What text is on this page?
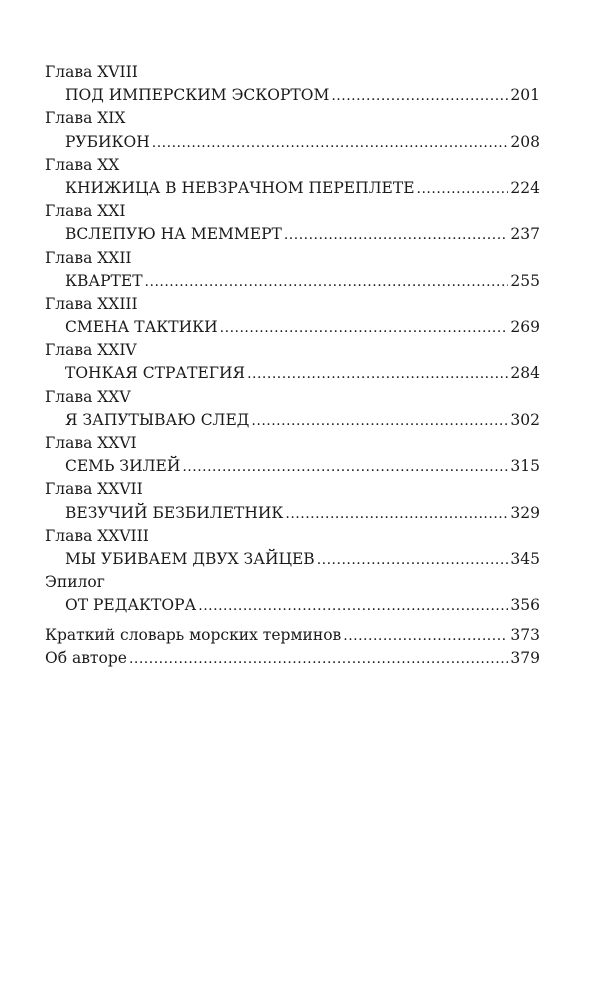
Глава XVIII
ПОД ИМПЕРСКИМ ЭСКОРТОМ .....	201
Глава XIX
РУБИКОН .....	208
Глава XX
КНИЖИЦА В НЕВЗРАЧНОМ ПЕРЕПЛЕТЕ .....	224
Глава XXI
ВСЛЕПУЮ НА МЕММЕРТ .....	237
Глава XXII
КВАРТЕТ .....	255
Глава XXIII
СМЕНА ТАКТИКИ .....	269
Глава XXIV
ТОНКАЯ СТРАТЕГИЯ .....	284
Глава XXV
Я ЗАПУТЫВАЮ СЛЕД .....	302
Глава XXVI
СЕМЬ ЗИЛЕЙ .....	315
Глава XXVII
ВЕЗУЧИЙ БЕЗБИЛЕТНИК .....	329
Глава XXVIII
МЫ УБИВАЕМ ДВУХ ЗАЙЦЕВ .....	345
Эпилог
ОТ РЕДАКТОРА .....	356
Краткий словарь морских терминов .....	373
Об авторе .....	379
